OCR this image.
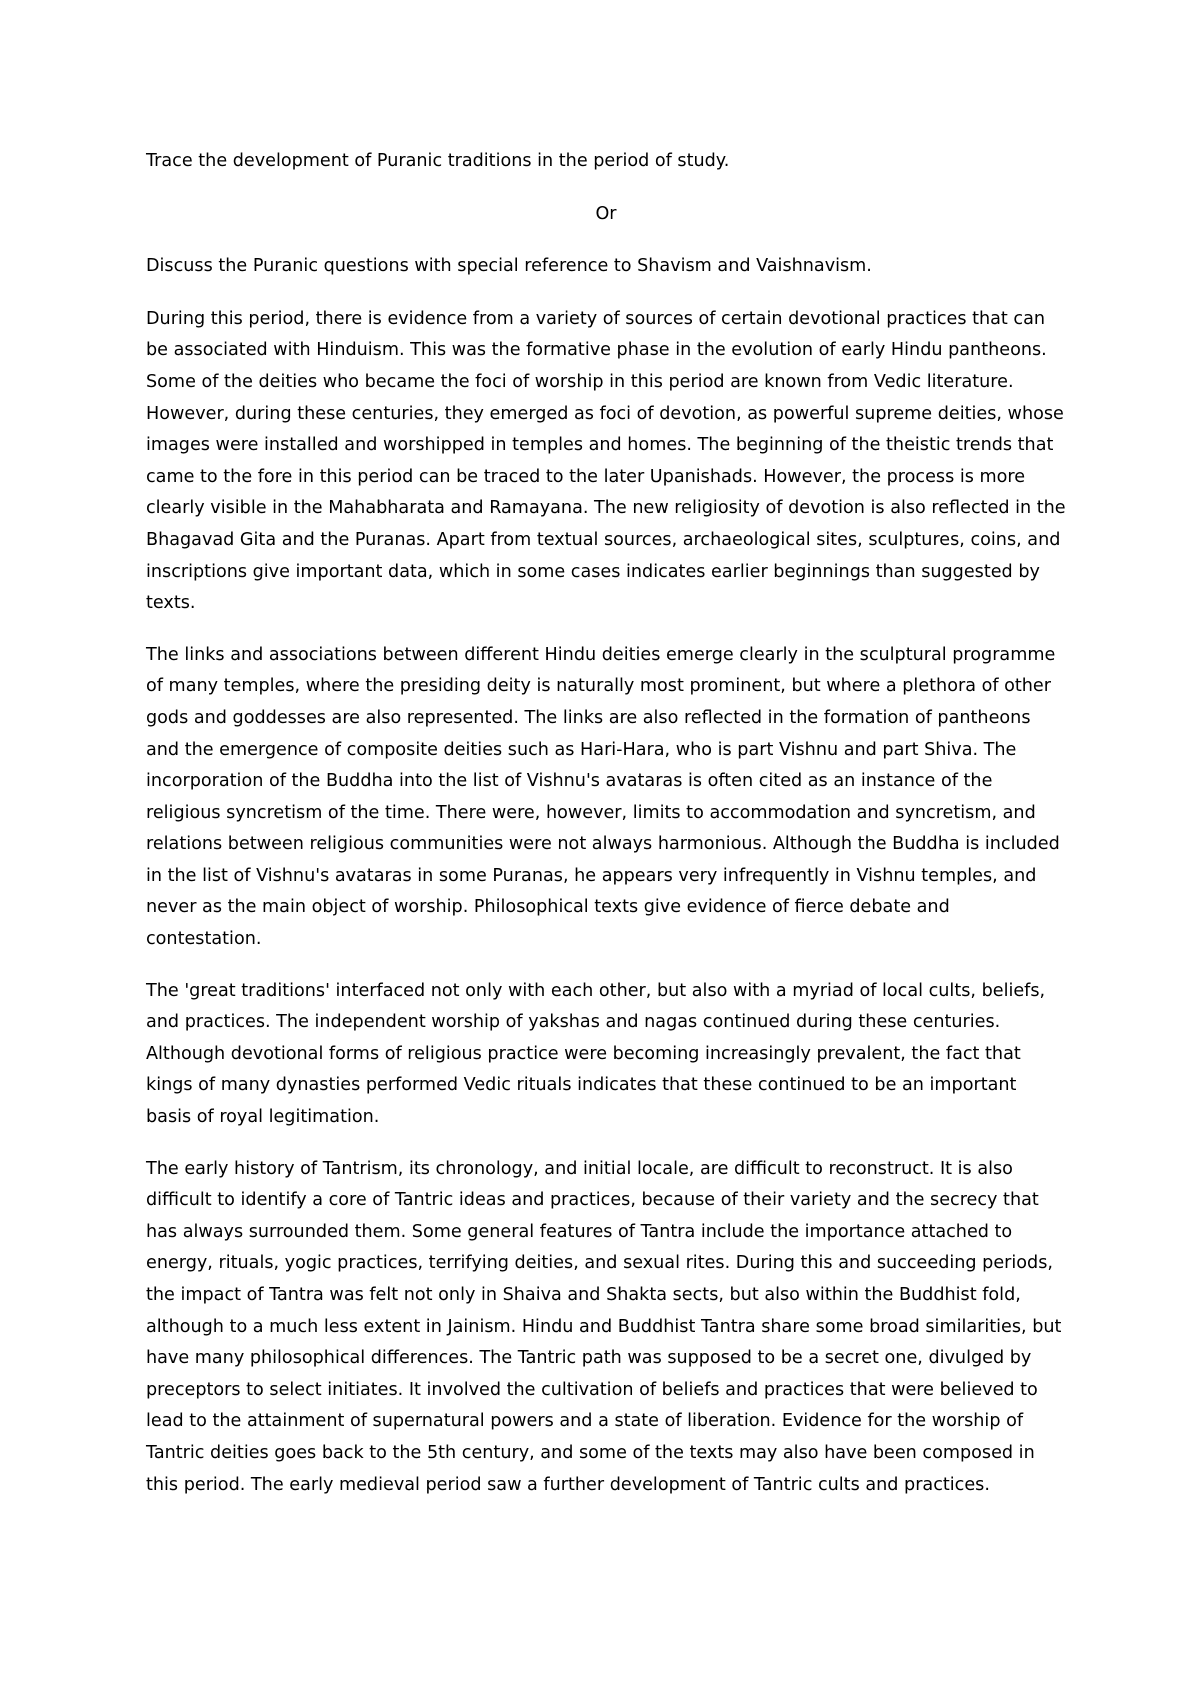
Trace the development of Puranic traditions in the period of study.

Or

Discuss the Puranic questions with special reference to Shavism and Vaishnavism.

During this period, there is evidence from a variety of sources of certain devotional practices that can be associated with Hinduism. This was the formative phase in the evolution of early Hindu pantheons. Some of the deities who became the foci of worship in this period are known from Vedic literature. However, during these centuries, they emerged as foci of devotion, as powerful supreme deities, whose images were installed and worshipped in temples and homes. The beginning of the theistic trends that came to the fore in this period can be traced to the later Upanishads. However, the process is more clearly visible in the Mahabharata and Ramayana. The new religiosity of devotion is also reflected in the Bhagavad Gita and the Puranas. Apart from textual sources, archaeological sites, sculptures, coins, and inscriptions give important data, which in some cases indicates earlier beginnings than suggested by texts.

The links and associations between different Hindu deities emerge clearly in the sculptural programme of many temples, where the presiding deity is naturally most prominent, but where a plethora of other gods and goddesses are also represented. The links are also reflected in the formation of pantheons and the emergence of composite deities such as Hari-Hara, who is part Vishnu and part Shiva. The incorporation of the Buddha into the list of Vishnu's avataras is often cited as an instance of the religious syncretism of the time. There were, however, limits to accommodation and syncretism, and relations between religious communities were not always harmonious. Although the Buddha is included in the list of Vishnu's avataras in some Puranas, he appears very infrequently in Vishnu temples, and never as the main object of worship. Philosophical texts give evidence of fierce debate and contestation.

The 'great traditions' interfaced not only with each other, but also with a myriad of local cults, beliefs, and practices. The independent worship of yakshas and nagas continued during these centuries. Although devotional forms of religious practice were becoming increasingly prevalent, the fact that kings of many dynasties performed Vedic rituals indicates that these continued to be an important basis of royal legitimation.

The early history of Tantrism, its chronology, and initial locale, are difficult to reconstruct. It is also difficult to identify a core of Tantric ideas and practices, because of their variety and the secrecy that has always surrounded them. Some general features of Tantra include the importance attached to energy, rituals, yogic practices, terrifying deities, and sexual rites. During this and succeeding periods, the impact of Tantra was felt not only in Shaiva and Shakta sects, but also within the Buddhist fold, although to a much less extent in Jainism. Hindu and Buddhist Tantra share some broad similarities, but have many philosophical differences. The Tantric path was supposed to be a secret one, divulged by preceptors to select initiates. It involved the cultivation of beliefs and practices that were believed to lead to the attainment of supernatural powers and a state of liberation. Evidence for the worship of Tantric deities goes back to the 5th century, and some of the texts may also have been composed in this period. The early medieval period saw a further development of Tantric cults and practices.
